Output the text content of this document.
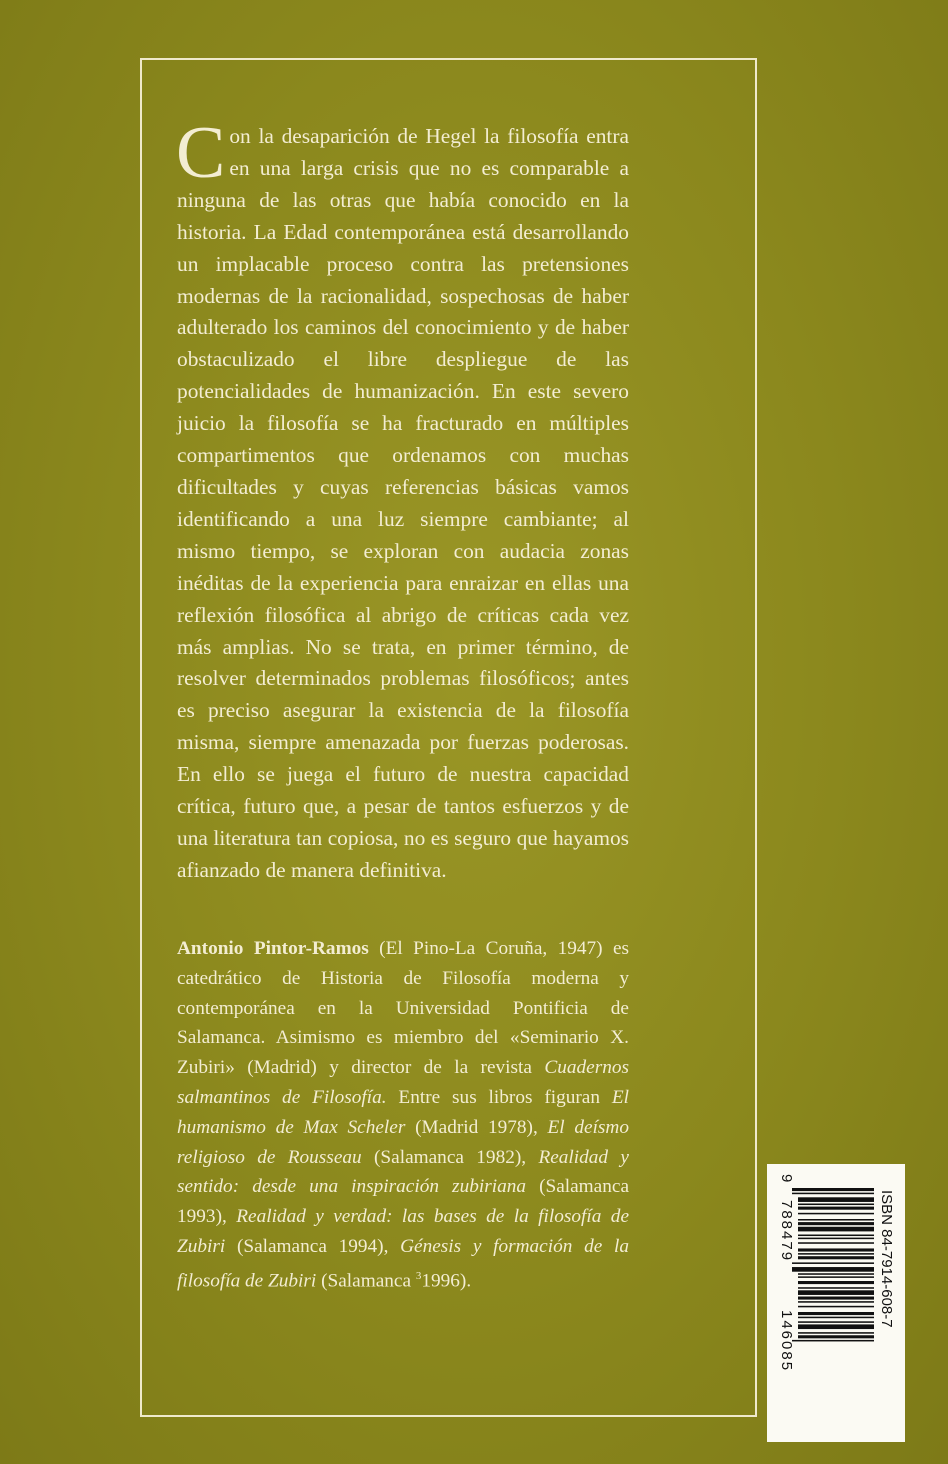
Con la desaparición de Hegel la filosofía entra en una larga crisis que no es comparable a ninguna de las otras que había conocido en la historia. La Edad contemporánea está desarrollando un implacable proceso contra las pretensiones modernas de la racionalidad, sospechosas de haber adulterado los caminos del conocimiento y de haber obstaculizado el libre despliegue de las potencialidades de humanización. En este severo juicio la filosofía se ha fracturado en múltiples compartimentos que ordenamos con muchas dificultades y cuyas referencias básicas vamos identificando a una luz siempre cambiante; al mismo tiempo, se exploran con audacia zonas inéditas de la experiencia para enraizar en ellas una reflexión filosófica al abrigo de críticas cada vez más amplias. No se trata, en primer término, de resolver determinados problemas filosóficos; antes es preciso asegurar la existencia de la filosofía misma, siempre amenazada por fuerzas poderosas. En ello se juega el futuro de nuestra capacidad crítica, futuro que, a pesar de tantos esfuerzos y de una literatura tan copiosa, no es seguro que hayamos afianzado de manera definitiva.

Antonio Pintor-Ramos (El Pino-La Coruña, 1947) es catedrático de Historia de Filosofía moderna y contemporánea en la Universidad Pontificia de Salamanca. Asimismo es miembro del «Seminario X. Zubiri» (Madrid) y director de la revista Cuadernos salmantinos de Filosofía. Entre sus libros figuran El humanismo de Max Scheler (Madrid 1978), El deísmo religioso de Rousseau (Salamanca 1982), Realidad y sentido: desde una inspiración zubiriana (Salamanca 1993), Realidad y verdad: las bases de la filosofía de Zubiri (Salamanca 1994), Génesis y formación de la filosofía de Zubiri (Salamanca $^3$1996).	ISBN 84-7914-608-7
9
788479
146085
